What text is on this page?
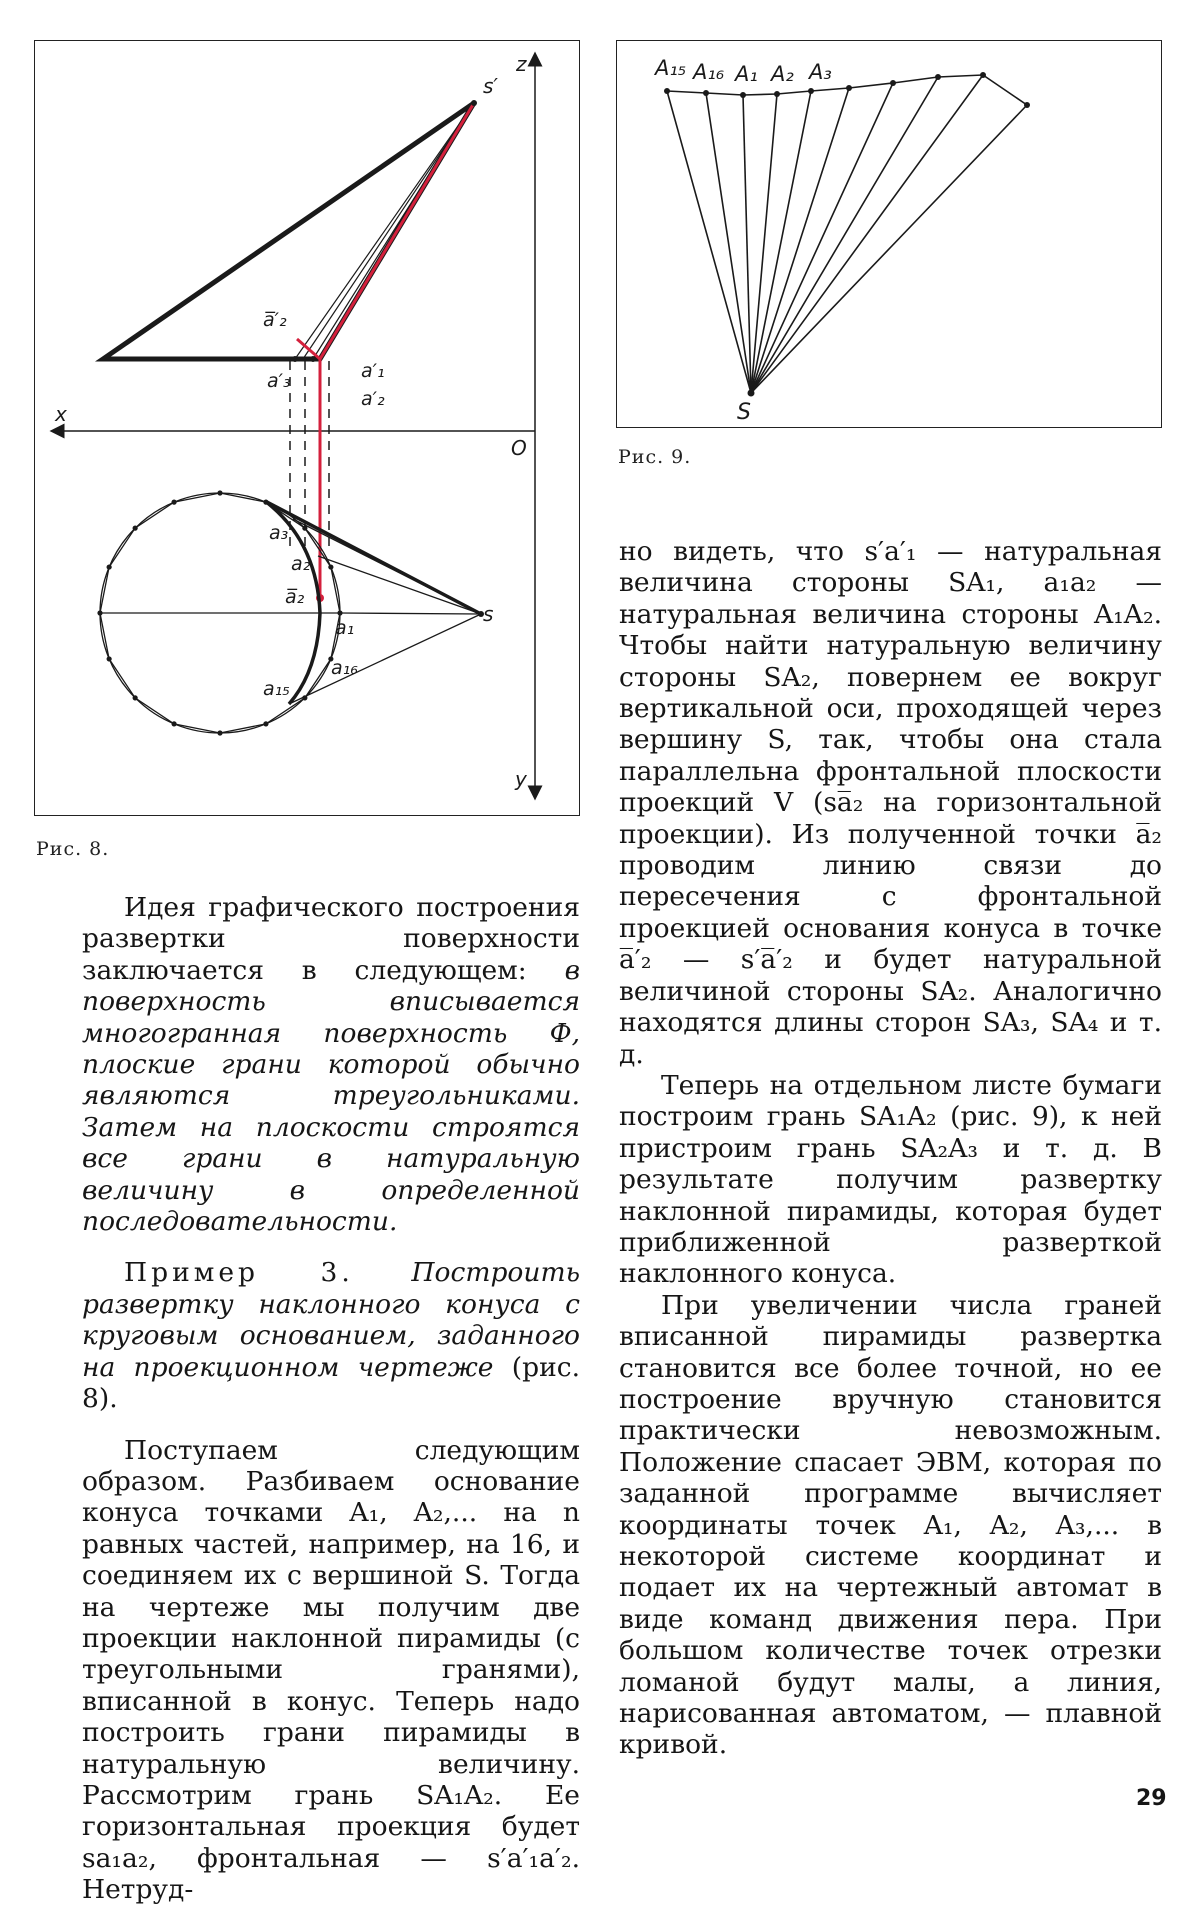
x
z
y
O
s′
s
a̅′₂
a′₃	a′₁
a′₂
a₃
a₂
a̅₂
a₁
a₁₆
a₁₅
Рис. 8.
S
A₁₅ A₁₆ A₁ A₂ A₃
Рис. 9.

Идея графического построения развертки поверхности заключается в следующем: в поверхность вписывается многогранная поверхность Ф, плоские грани которой обычно являются треугольниками. Затем на плоскости строятся все грани в натуральную величину в определенной последовательности.

Пример 3. Построить развертку наклонного конуса с круговым основанием, заданного на проекционном чертеже (рис. 8).

Поступаем следующим образом. Разбиваем основание конуса точками A₁, A₂,... на n равных частей, например, на 16, и соединяем их с вершиной S. Тогда на чертеже мы получим две проекции наклонной пирамиды (с треугольными гранями), вписанной в конус. Теперь надо построить грани пирамиды в натуральную величину. Рассмотрим грань SA₁A₂. Ее горизонтальная проекция будет sa₁a₂, фронтальная — s′a′₁a′₂. Нетруд-

но видеть, что s′a′₁ — натуральная величина стороны SA₁, a₁a₂ — натуральная величина стороны A₁A₂. Чтобы найти натуральную величину стороны SA₂, повернем ее вокруг вертикальной оси, проходящей через вершину S, так, чтобы она стала параллельна фронтальной плоскости проекций V (sa̅₂ на горизонтальной проекции). Из полученной точки a̅₂ проводим линию связи до пересечения с фронтальной проекцией основания конуса в точке a̅′₂ — s′a̅′₂ и будет натуральной величиной стороны SA₂. Аналогично находятся длины сторон SA₃, SA₄ и т. д.

Теперь на отдельном листе бумаги построим грань SA₁A₂ (рис. 9), к ней пристроим грань SA₂A₃ и т. д. В результате получим развертку наклонной пирамиды, которая будет приближенной разверткой наклонного конуса.

При увеличении числа граней вписанной пирамиды развертка становится все более точной, но ее построение вручную становится практически невозможным. Положение спасает ЭВМ, которая по заданной программе вычисляет координаты точек A₁, A₂, A₃,... в некоторой системе координат и подает их на чертежный автомат в виде команд движения пера. При большом количестве точек отрезки ломаной будут малы, а линия, нарисованная автоматом, — плавной кривой.

29
